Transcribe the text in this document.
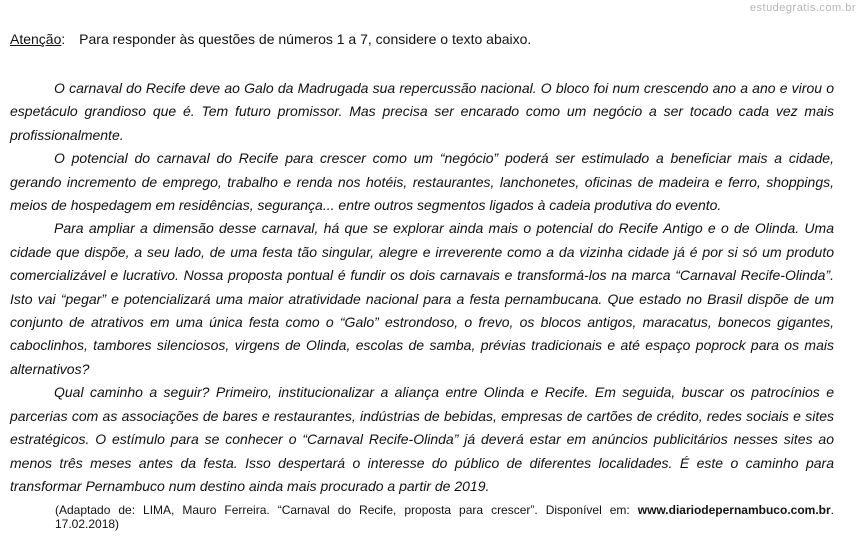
estudegratis.com.br
Atenção: Para responder às questões de números 1 a 7, considere o texto abaixo.

O carnaval do Recife deve ao Galo da Madrugada sua repercussão nacional. O bloco foi num crescendo ano a ano e virou o espetáculo grandioso que é. Tem futuro promissor. Mas precisa ser encarado como um negócio a ser tocado cada vez mais profissionalmente.

O potencial do carnaval do Recife para crescer como um “negócio” poderá ser estimulado a beneficiar mais a cidade, gerando incremento de emprego, trabalho e renda nos hotéis, restaurantes, lanchonetes, oficinas de madeira e ferro, shoppings, meios de hospedagem em residências, segurança... entre outros segmentos ligados à cadeia produtiva do evento.

Para ampliar a dimensão desse carnaval, há que se explorar ainda mais o potencial do Recife Antigo e o de Olinda. Uma cidade que dispõe, a seu lado, de uma festa tão singular, alegre e irreverente como a da vizinha cidade já é por si só um produto comercializável e lucrativo. Nossa proposta pontual é fundir os dois carnavais e transformá-los na marca “Carnaval Recife-Olinda”. Isto vai “pegar” e potencializará uma maior atratividade nacional para a festa pernambucana. Que estado no Brasil dispõe de um conjunto de atrativos em uma única festa como o “Galo” estrondoso, o frevo, os blocos antigos, maracatus, bonecos gigantes, caboclinhos, tambores silenciosos, virgens de Olinda, escolas de samba, prévias tradicionais e até espaço poprock para os mais alternativos?

Qual caminho a seguir? Primeiro, institucionalizar a aliança entre Olinda e Recife. Em seguida, buscar os patrocínios e parcerias com as associações de bares e restaurantes, indústrias de bebidas, empresas de cartões de crédito, redes sociais e sites estratégicos. O estímulo para se conhecer o “Carnaval Recife-Olinda” já deverá estar em anúncios publicitários nesses sites ao menos três meses antes da festa. Isso despertará o interesse do público de diferentes localidades. É este o caminho para transformar Pernambuco num destino ainda mais procurado a partir de 2019.

(Adaptado de: LIMA, Mauro Ferreira. “Carnaval do Recife, proposta para crescer”. Disponível em: www.diariodepernambuco.com.br. 17.02.2018)
